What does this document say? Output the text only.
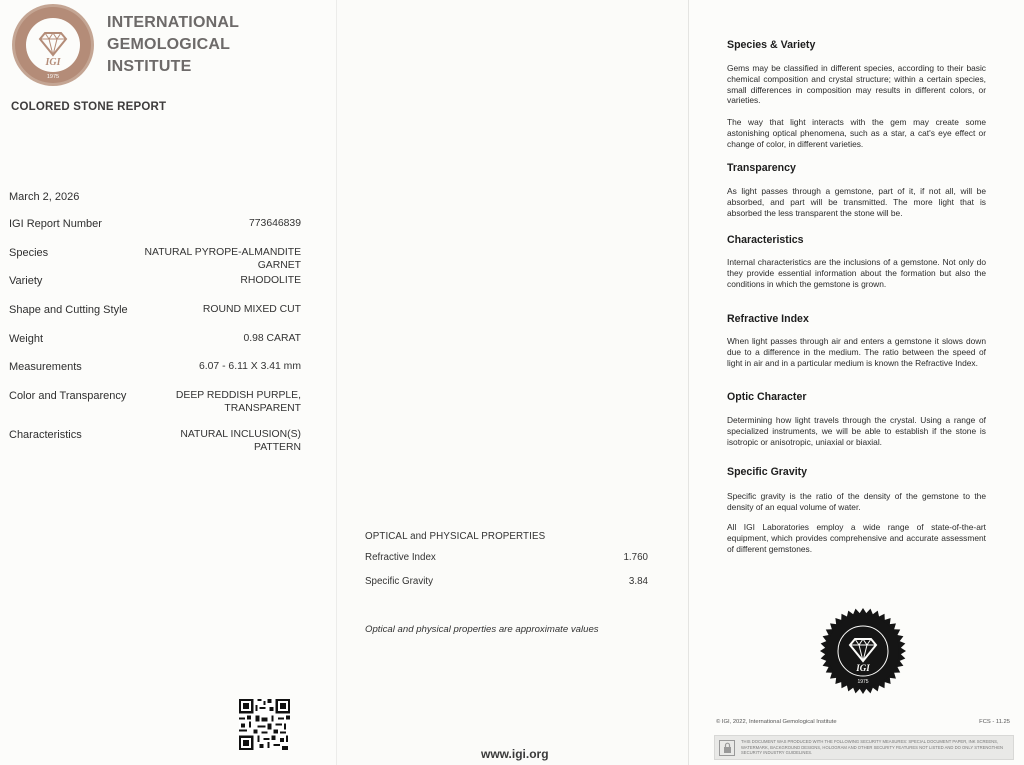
IGI
1975
INTERNATIONAL
GEMOLOGICAL
INSTITUTE
COLORED STONE REPORT
March 2, 2026
IGI Report Number	773646839
Species	NATURAL PYROPE-ALMANDITE
GARNET
Variety	RHODOLITE
Shape and Cutting Style	ROUND MIXED CUT
Weight	0.98 CARAT
Measurements	6.07 - 6.11 X 3.41 mm
Color and Transparency	DEEP REDDISH PURPLE,
TRANSPARENT
Characteristics	NATURAL INCLUSION(S)
PATTERN
OPTICAL and PHYSICAL PROPERTIES
Refractive Index	1.760
Specific Gravity	3.84
Optical and physical properties are approximate values
www.igi.org
Species & Variety
Gems may be classified in different species, according to their basic chemical composition and crystal structure; within a certain species, small differences in composition may results in different colors, or varieties.
The way that light interacts with the gem may create some astonishing optical phenomena, such as a star, a cat's eye effect or change of color, in different varieties.
Transparency
As light passes through a gemstone, part of it, if not all, will be absorbed, and part will be transmitted. The more light that is absorbed the less transparent the stone will be.
Characteristics
Internal characteristics are the inclusions of a gemstone. Not only do they provide essential information about the formation but also the conditions in which the gemstone is grown.
Refractive Index
When light passes through air and enters a gemstone it slows down due to a difference in the medium. The ratio between the speed of light in air and in a particular medium is known the Refractive Index.
Optic Character
Determining how light travels through the crystal. Using a range of specialized instruments, we will be able to establish if the stone is isotropic or anisotropic, uniaxial or biaxial.
Specific Gravity
Specific gravity is the ratio of the density of the gemstone to the density of an equal volume of water.
All IGI Laboratories employ a wide range of state-of-the-art equipment, which provides comprehensive and accurate assessment of different gemstones.
IGI
1975
© IGI, 2022, International Gemological Institute	FCS - 11.25
THIS DOCUMENT WAS PRODUCED WITH THE FOLLOWING SECURITY MEASURES: SPECIAL DOCUMENT PAPER, INK SCREENS, WATERMARK, BACKGROUND DESIGNS, HOLOGRAM AND OTHER SECURITY FEATURES NOT LISTED AND DO ONLY STRENGTHEN SECURITY INDUSTRY GUIDELINES.
